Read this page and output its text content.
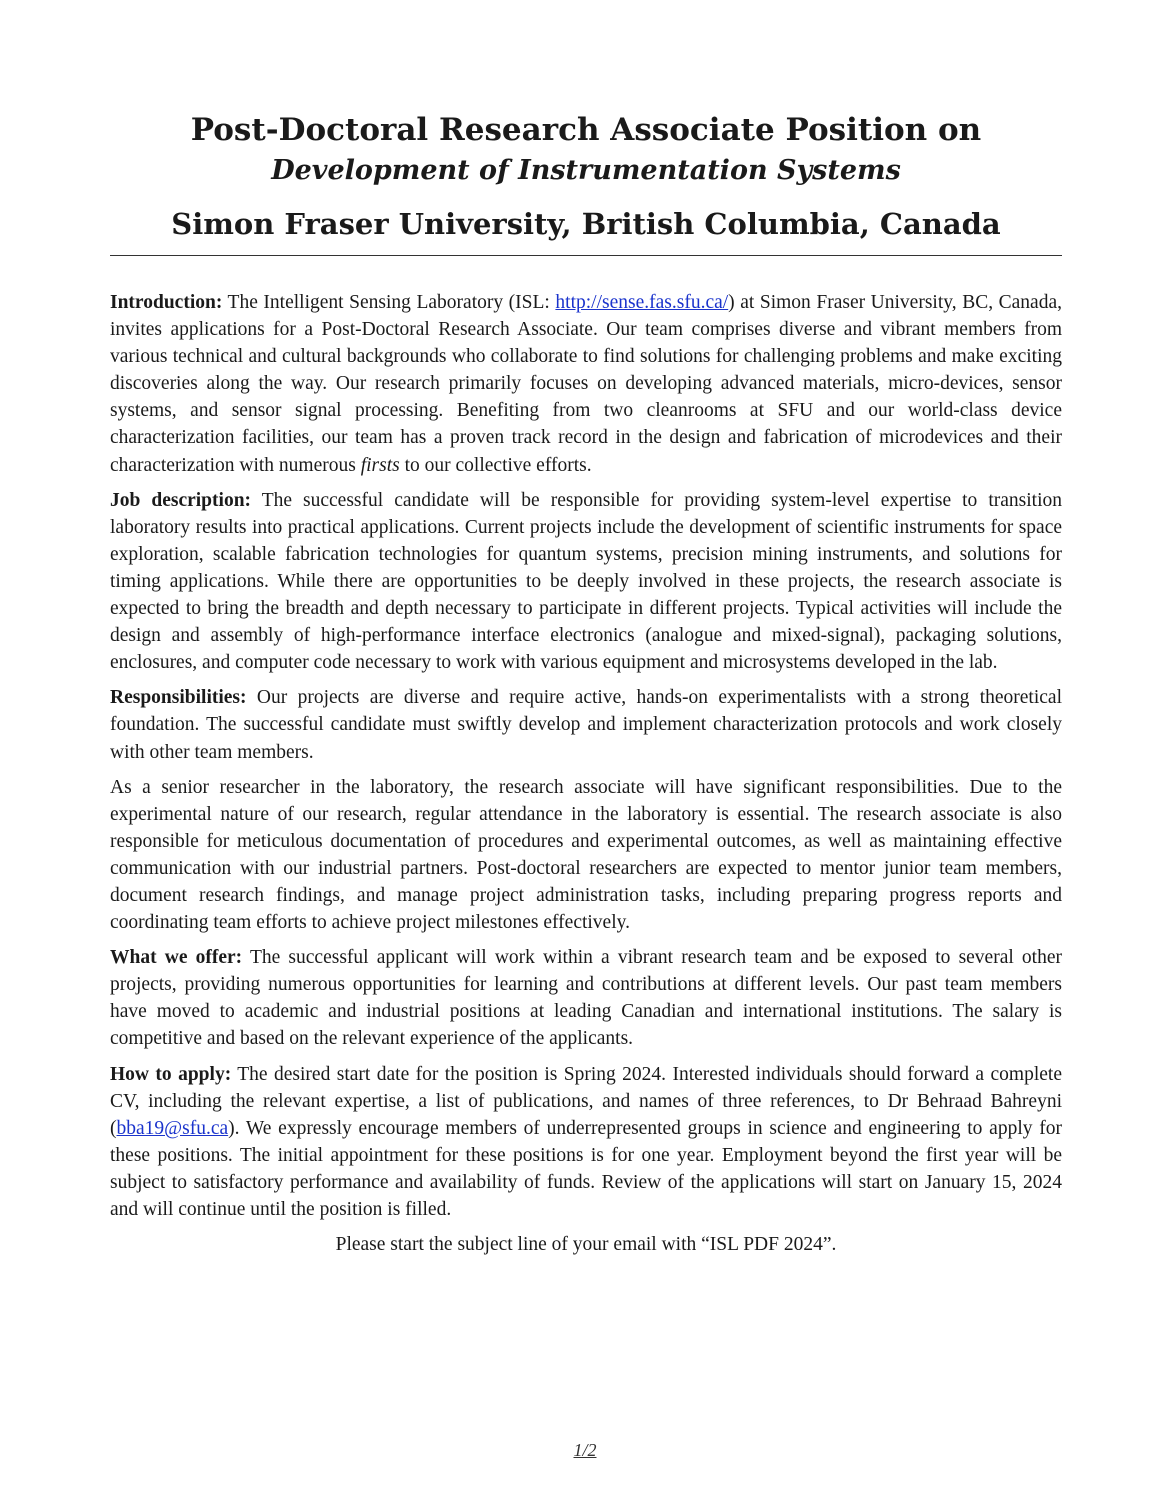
Post-Doctoral Research Associate Position on
Development of Instrumentation Systems
Simon Fraser University, British Columbia, Canada

Introduction: The Intelligent Sensing Laboratory (ISL: http://sense.fas.sfu.ca/) at Simon Fraser University, BC, Canada, invites applications for a Post-Doctoral Research Associate. Our team comprises diverse and vibrant members from various technical and cultural backgrounds who collaborate to find solutions for challenging problems and make exciting discoveries along the way. Our research primarily focuses on developing advanced materials, micro-devices, sensor systems, and sensor signal processing. Benefiting from two cleanrooms at SFU and our world-class device characterization facilities, our team has a proven track record in the design and fabrication of microdevices and their characterization with numerous firsts to our collective efforts.

Job description: The successful candidate will be responsible for providing system-level expertise to transition laboratory results into practical applications. Current projects include the development of scientific instruments for space exploration, scalable fabrication technologies for quantum systems, precision mining instruments, and solutions for timing applications. While there are opportunities to be deeply involved in these projects, the research associate is expected to bring the breadth and depth necessary to participate in different projects. Typical activities will include the design and assembly of high-performance interface electronics (analogue and mixed-signal), packaging solutions, enclosures, and computer code necessary to work with various equipment and microsystems developed in the lab.

Responsibilities: Our projects are diverse and require active, hands-on experimentalists with a strong theoretical foundation. The successful candidate must swiftly develop and implement characterization protocols and work closely with other team members.

As a senior researcher in the laboratory, the research associate will have significant responsibilities. Due to the experimental nature of our research, regular attendance in the laboratory is essential. The research associate is also responsible for meticulous documentation of procedures and experimental outcomes, as well as maintaining effective communication with our industrial partners. Post-doctoral researchers are expected to mentor junior team members, document research findings, and manage project administration tasks, including preparing progress reports and coordinating team efforts to achieve project milestones effectively.

What we offer: The successful applicant will work within a vibrant research team and be exposed to several other projects, providing numerous opportunities for learning and contributions at different levels. Our past team members have moved to academic and industrial positions at leading Canadian and international institutions. The salary is competitive and based on the relevant experience of the applicants.

How to apply: The desired start date for the position is Spring 2024. Interested individuals should forward a complete CV, including the relevant expertise, a list of publications, and names of three references, to Dr Behraad Bahreyni (bba19@sfu.ca). We expressly encourage members of underrepresented groups in science and engineering to apply for these positions. The initial appointment for these positions is for one year. Employment beyond the first year will be subject to satisfactory performance and availability of funds. Review of the applications will start on January 15, 2024 and will continue until the position is filled.

Please start the subject line of your email with “ISL PDF 2024”.

1/2
